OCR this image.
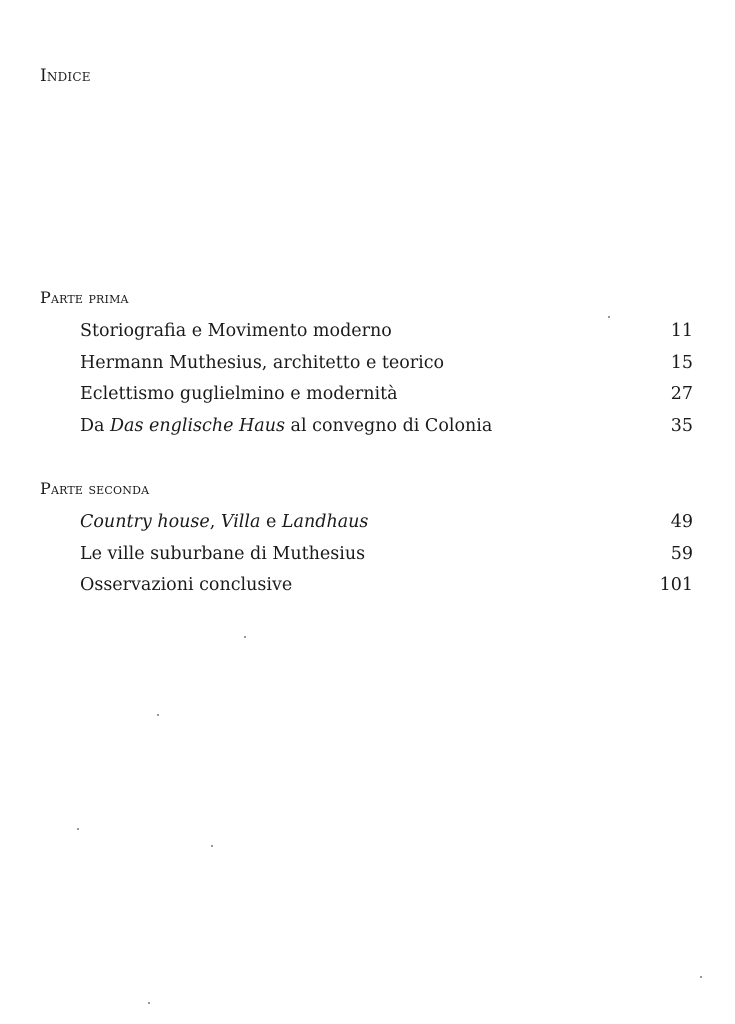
Indice
Parte prima
Storiografia e Movimento moderno	11
Hermann Muthesius, architetto e teorico	15
Eclettismo guglielmino e modernità	27
Da Das englische Haus al convegno di Colonia	35
Parte seconda
Country house, Villa e Landhaus	49
Le ville suburbane di Muthesius	59
Osservazioni conclusive	101
